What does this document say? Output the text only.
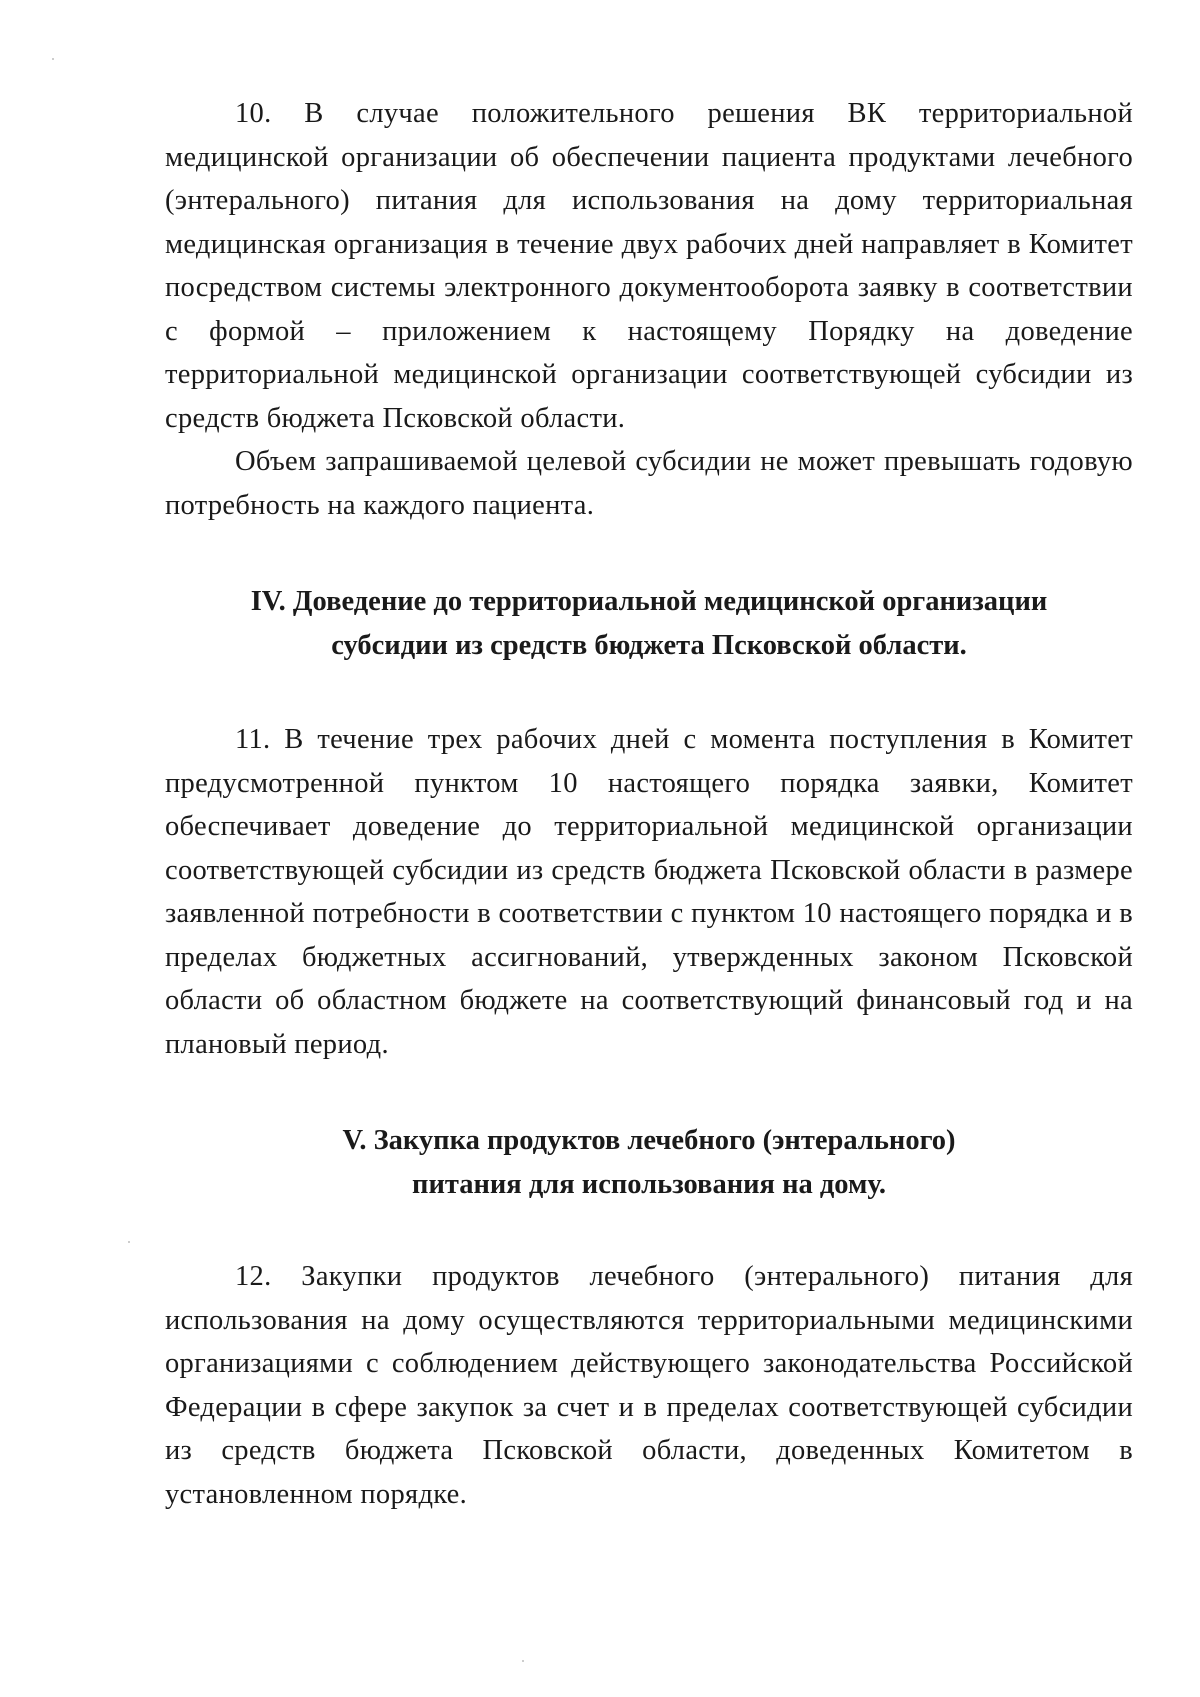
10. В случае положительного решения ВК территориальной медицинской организации об обеспечении пациента продуктами лечебного (энтерального) питания для использования на дому территориальная медицинская организация в течение двух рабочих дней направляет в Комитет посредством системы электронного документооборота заявку в соответствии с формой – приложением к настоящему Порядку на доведение территориальной медицинской организации соответствующей субсидии из средств бюджета Псковской области.

Объем запрашиваемой целевой субсидии не может превышать годовую потребность на каждого пациента.

IV. Доведение до территориальной медицинской организации
субсидии из средств бюджета Псковской области.

11. В течение трех рабочих дней с момента поступления в Комитет предусмотренной пунктом 10 настоящего порядка заявки, Комитет обеспечивает доведение до территориальной медицинской организации соответствующей субсидии из средств бюджета Псковской области в размере заявленной потребности в соответствии с пунктом 10 настоящего порядка и в пределах бюджетных ассигнований, утвержденных законом Псковской области об областном бюджете на соответствующий финансовый год и на плановый период.

V. Закупка продуктов лечебного (энтерального)
питания для использования на дому.

12. Закупки продуктов лечебного (энтерального) питания для использования на дому осуществляются территориальными медицинскими организациями с соблюдением действующего законодательства Российской Федерации в сфере закупок за счет и в пределах соответствующей субсидии из средств бюджета Псковской области, доведенных Комитетом в установленном порядке.
